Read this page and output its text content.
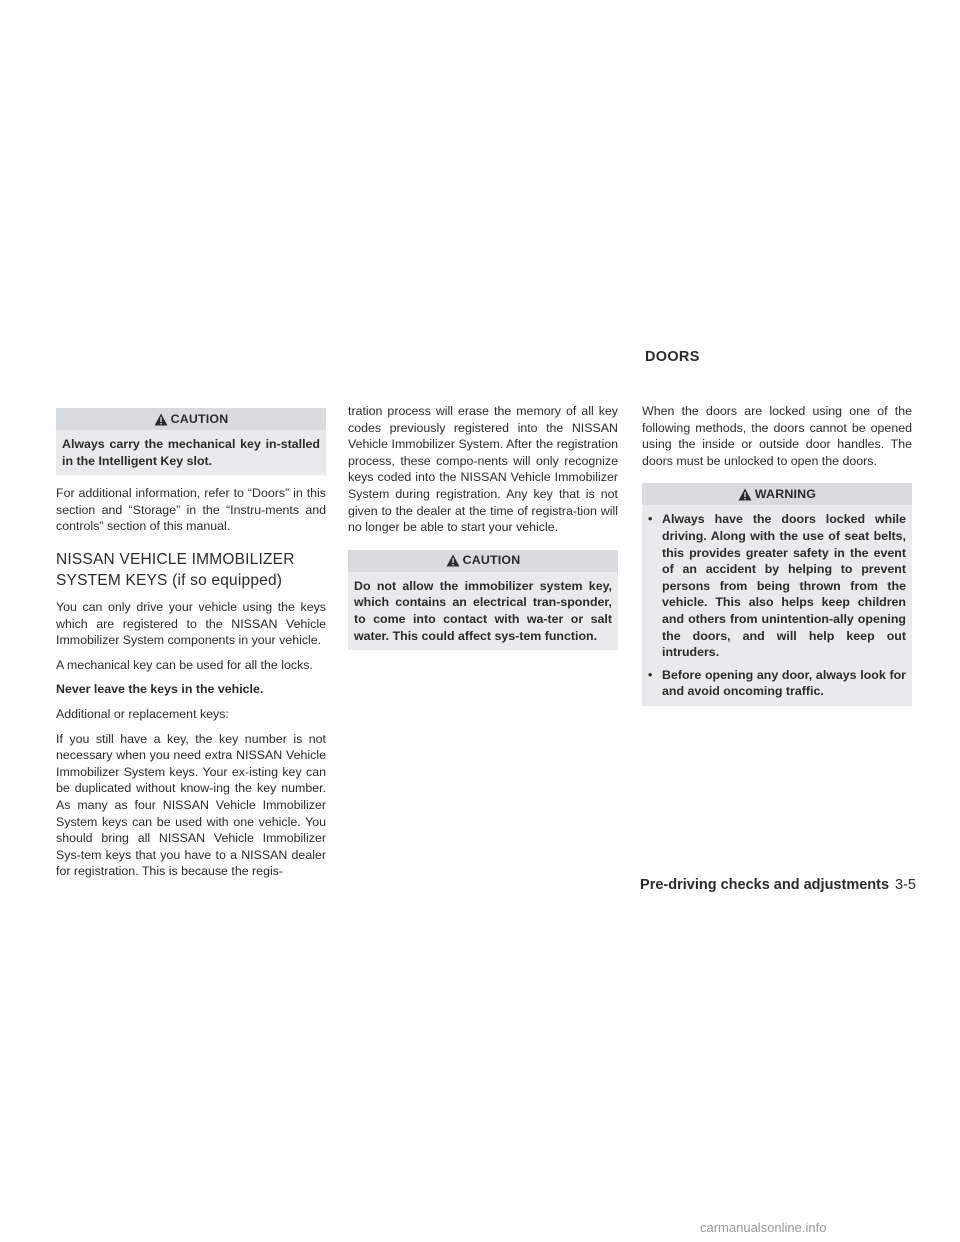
CAUTION
Always carry the mechanical key in-stalled in the Intelligent Key slot.

For additional information, refer to “Doors” in this section and “Storage” in the “Instru-ments and controls” section of this manual.

NISSAN VEHICLE IMMOBILIZER
SYSTEM KEYS (if so equipped)

You can only drive your vehicle using the keys which are registered to the NISSAN Vehicle Immobilizer System components in your vehicle.

A mechanical key can be used for all the locks.

Never leave the keys in the vehicle.

Additional or replacement keys:

If you still have a key, the key number is not necessary when you need extra NISSAN Vehicle Immobilizer System keys. Your ex-isting key can be duplicated without know-ing the key number. As many as four NISSAN Vehicle Immobilizer System keys can be used with one vehicle. You should bring all NISSAN Vehicle Immobilizer Sys-tem keys that you have to a NISSAN dealer for registration. This is because the regis-

tration process will erase the memory of all key codes previously registered into the NISSAN Vehicle Immobilizer System. After the registration process, these compo-nents will only recognize keys coded into the NISSAN Vehicle Immobilizer System during registration. Any key that is not given to the dealer at the time of registra-tion will no longer be able to start your vehicle.

CAUTION
Do not allow the immobilizer system key, which contains an electrical tran-sponder, to come into contact with wa-ter or salt water. This could affect sys-tem function.
DOORS

When the doors are locked using one of the following methods, the doors cannot be opened using the inside or outside door handles. The doors must be unlocked to open the doors.

WARNING
• Always have the doors locked while driving. Along with the use of seat belts, this provides greater safety in the event of an accident by helping to prevent persons from being thrown from the vehicle. This also helps keep children and others from unintention-ally opening the doors, and will help keep out intruders.
• Before opening any door, always look for and avoid oncoming traffic.
Pre-driving checks and adjustments 3-5
carmanualsonline.info
